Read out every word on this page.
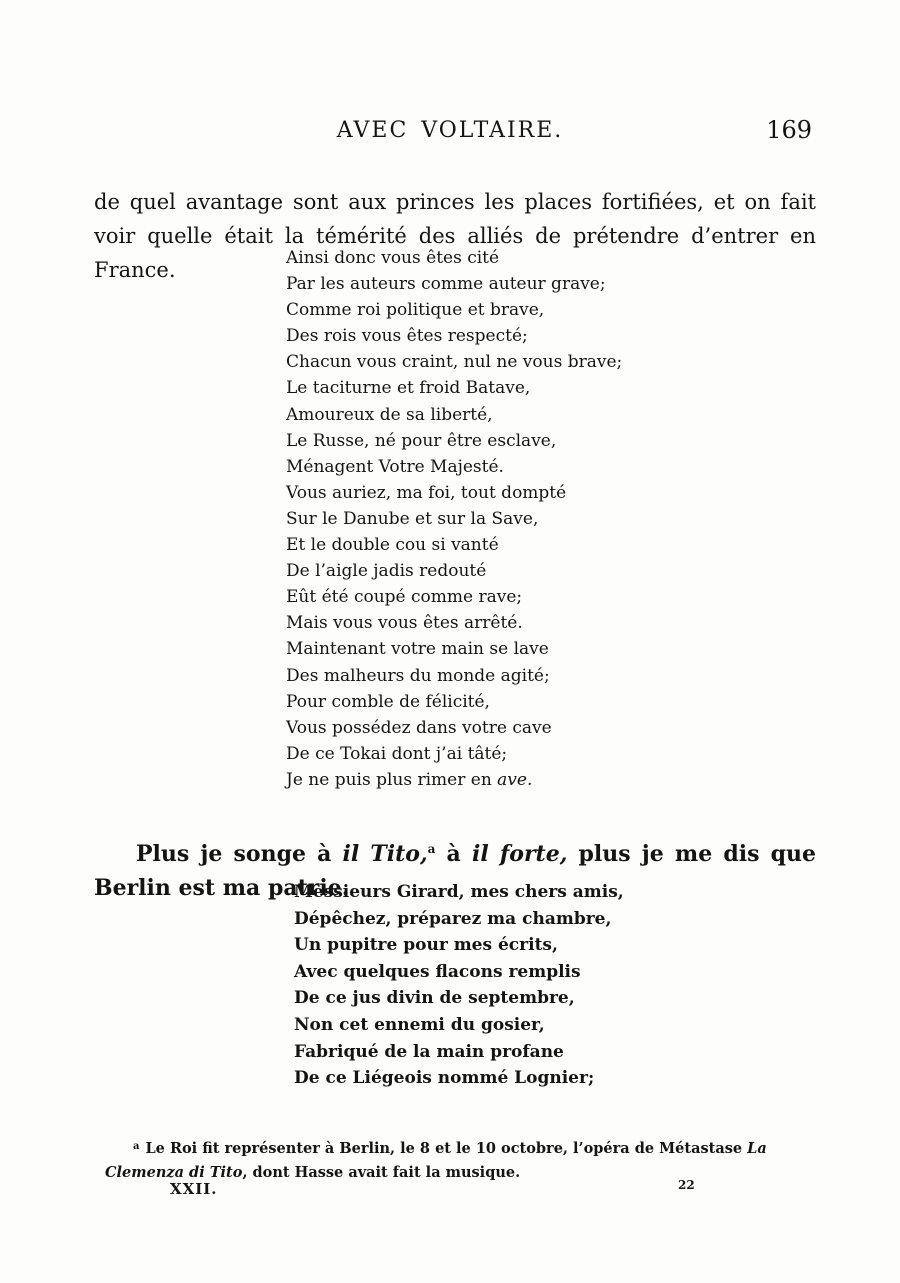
AVEC VOLTAIRE.	169

de quel avantage sont aux princes les places fortifiées, et on fait voir quelle était la témérité des alliés de prétendre d’entrer en France.	Ainsi donc vous êtes cité
Par les auteurs comme auteur grave;
Comme roi politique et brave,
Des rois vous êtes respecté;
Chacun vous craint, nul ne vous brave;
Le taciturne et froid Batave,
Amoureux de sa liberté,
Le Russe, né pour être esclave,
Ménagent Votre Majesté.
Vous auriez, ma foi, tout dompté
Sur le Danube et sur la Save,
Et le double cou si vanté
De l’aigle jadis redouté
Eût été coupé comme rave;
Mais vous vous êtes arrêté.
Maintenant votre main se lave
Des malheurs du monde agité;
Pour comble de félicité,
Vous possédez dans votre cave
De ce Tokai dont j’ai tâté;
Je ne puis plus rimer en ave.

Plus je songe à il Tito,$^a$ à il forte, plus je me dis que Berlin est ma patrie.

Messieurs Girard, mes chers amis,
Dépêchez, préparez ma chambre,
Un pupitre pour mes écrits,
Avec quelques flacons remplis
De ce jus divin de septembre,
Non cet ennemi du gosier,
Fabriqué de la main profane
De ce Liégeois nommé Lognier;

$^a$ Le Roi fit représenter à Berlin, le 8 et le 10 octobre, l’opéra de Métastase La Clemenza di Tito, dont Hasse avait fait la musique.

XXII.	22
